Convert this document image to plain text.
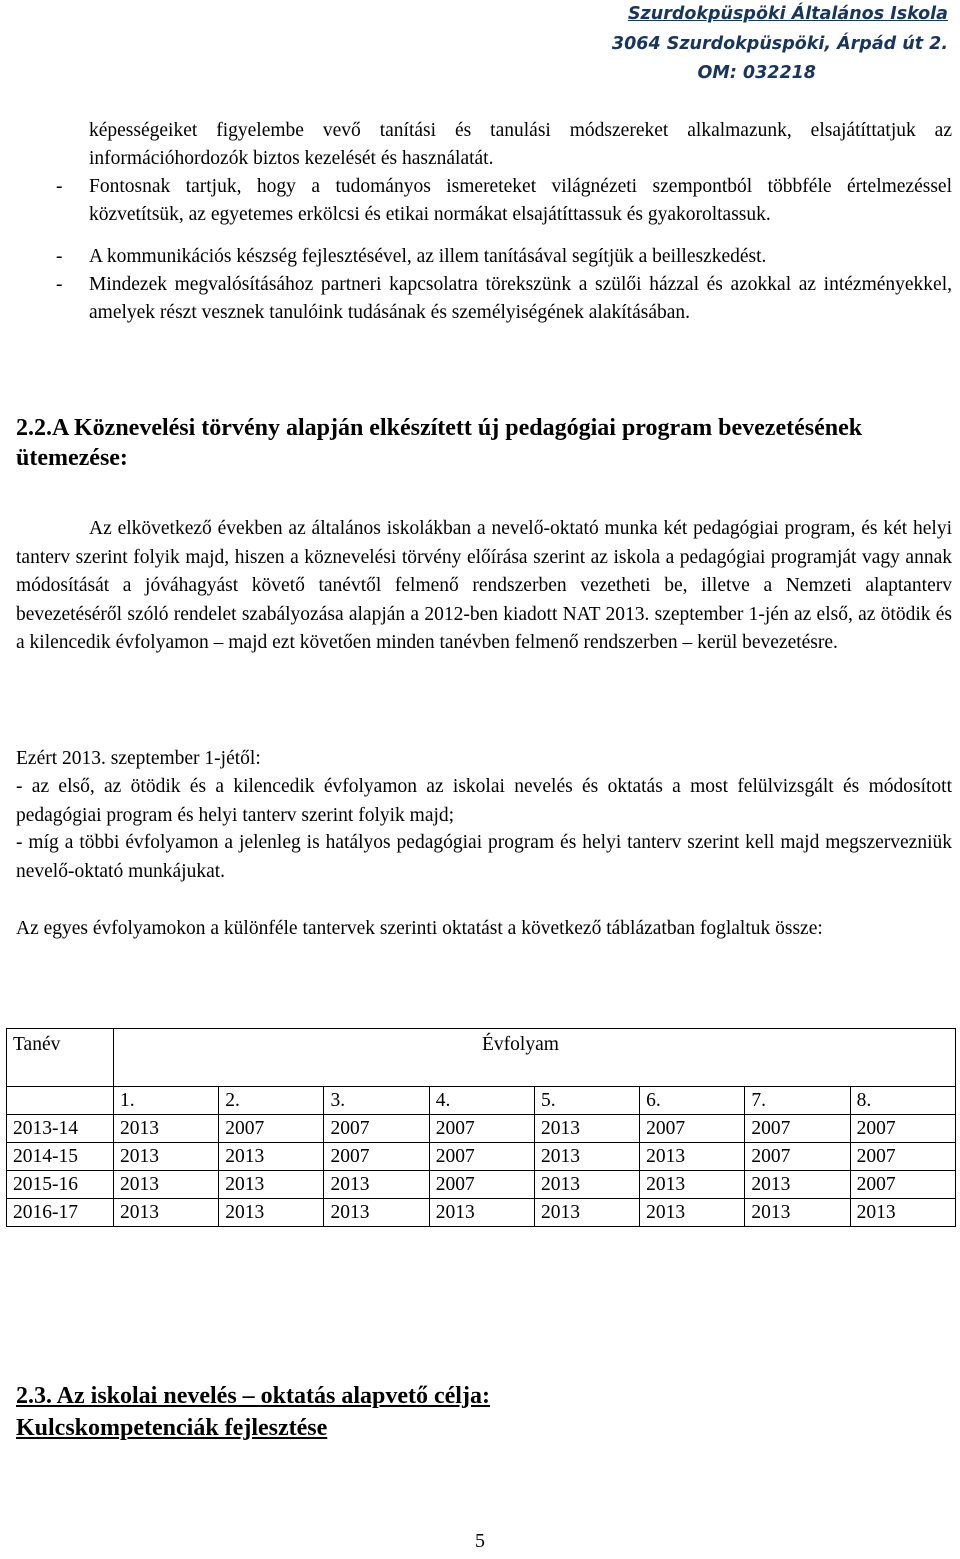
Szurdokpüspöki Általános Iskola
3064 Szurdokpüspöki, Árpád út 2.
OM: 032218
képességeiket figyelembe vevő tanítási és tanulási módszereket alkalmazunk, elsajátíttatjuk az információhordozók biztos kezelését és használatát.
- Fontosnak tartjuk, hogy a tudományos ismereteket világnézeti szempontból többféle értelmezéssel közvetítsük, az egyetemes erkölcsi és etikai normákat elsajátíttassuk és gyakoroltassuk.
- A kommunikációs készség fejlesztésével, az illem tanításával segítjük a beilleszkedést.
- Mindezek megvalósításához partneri kapcsolatra törekszünk a szülői házzal és azokkal az intézményekkel, amelyek részt vesznek tanulóink tudásának és személyiségének alakításában.
2.2.A Köznevelési törvény alapján elkészített új pedagógiai program bevezetésének ütemezése:
Az elkövetkező években az általános iskolákban a nevelő-oktató munka két pedagógiai program, és két helyi tanterv szerint folyik majd, hiszen a köznevelési törvény előírása szerint az iskola a pedagógiai programját vagy annak módosítását a jóváhagyást követő tanévtől felmenő rendszerben vezetheti be, illetve a Nemzeti alaptanterv bevezetéséről szóló rendelet szabályozása alapján a 2012-ben kiadott NAT 2013. szeptember 1-jén az első, az ötödik és a kilencedik évfolyamon – majd ezt követően minden tanévben felmenő rendszerben – kerül bevezetésre.
Ezért 2013. szeptember 1-jétől:
- az első, az ötödik és a kilencedik évfolyamon az iskolai nevelés és oktatás a most felülvizsgált és módosított pedagógiai program és helyi tanterv szerint folyik majd;
- míg a többi évfolyamon a jelenleg is hatályos pedagógiai program és helyi tanterv szerint kell majd megszervezniük nevelő-oktató munkájukat.
Az egyes évfolyamokon a különféle tantervek szerinti oktatást a következő táblázatban foglaltuk össze:
Tanév	Évfolyam							
	1.	2.	3.	4.	5.	6.	7.	8.
2013-14	2013	2007	2007	2007	2013	2007	2007	2007
2014-15	2013	2013	2007	2007	2013	2013	2007	2007
2015-16	2013	2013	2013	2007	2013	2013	2013	2007
2016-17	2013	2013	2013	2013	2013	2013	2013	2013
2.3. Az iskolai nevelés – oktatás alapvető célja:
Kulcskompetenciák fejlesztése
5
